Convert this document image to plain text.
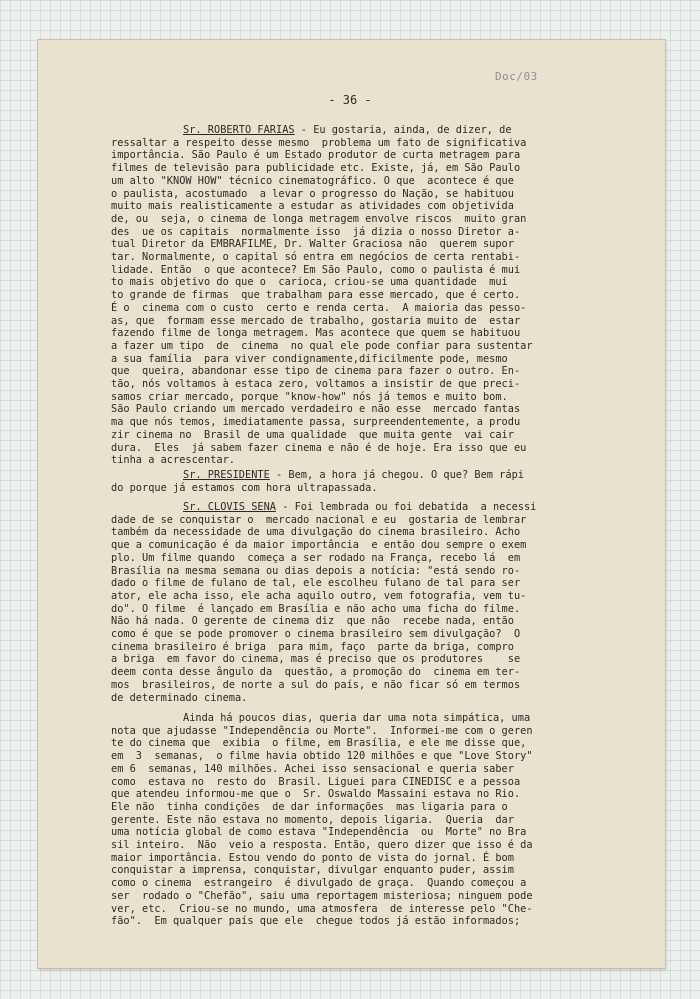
Doc/03
- 36 -
Sr. ROBERTO FARIAS - Eu gostaria, ainda, de dizer, de
ressaltar a respeito desse mesmo  problema um fato de significativa
importância. São Paulo é um Estado produtor de curta metragem para
filmes de televisão para publicidade etc. Existe, já, em São Paulo
um alto "KNOW HOW" técnico cinematográfico. O que  acontece é que
o paulista, acostumado  a levar o progresso do Nação, se habituou
muito mais realisticamente a estudar as atividades com objetivida
de, ou  seja, o cinema de longa metragem envolve riscos  muito gran
des  ue os capitais  normalmente isso  já dizia o nosso Diretor a-
tual Diretor da EMBRAFILME, Dr. Walter Graciosa não  querem supor
tar. Normalmente, o capital só entra em negócios de certa rentabi-
lidade. Então  o que acontece? Em São Paulo, como o paulista é mui
to mais objetivo do que o  carioca, criou-se uma quantidade  mui
to grande de firmas  que trabalham para esse mercado, que é certo.
É o  cinema com o custo  certo e renda certa.  A maioria das pesso-
as, que  formam esse mercado de trabalho, gostaria muito de  estar
fazendo filme de longa metragem. Mas acontece que quem se habituou
a fazer um tipo  de  cinema  no qual ele pode confiar para sustentar
a sua família  para viver condignamente,dificilmente pode, mesmo
que  queira, abandonar esse tipo de cinema para fazer o outro. En-
tão, nós voltamos à estaca zero, voltamos a insistir de que preci-
samos criar mercado, porque "know-how" nós já temos e muito bom.
São Paulo criando um mercado verdadeiro e não esse  mercado fantas
ma que nós temos, imediatamente passa, surpreendentemente, a produ
zir cinema no  Brasil de uma qualidade  que muita gente  vai cair
dura.  Eles  já sabem fazer cinema e não é de hoje. Era isso que eu
tinha a acrescentar.
Sr. PRESIDENTE - Bem, a hora já chegou. O que? Bem rápi
do porque já estamos com hora ultrapassada.
Sr. CLOVIS SENA - Foi lembrada ou foi debatida  a necessi
dade de se conquistar o  mercado nacional e eu  gostaria de lembrar
também da necessidade de uma divulgação do cinema brasileiro. Acho
que a comunicação é da maior importância  e então dou sempre o exem
plo. Um filme quando  começa a ser rodado na França, recebo lá  em
Brasília na mesma semana ou dias depois a notícia: "está sendo ro-
dado o filme de fulano de tal, ele escolheu fulano de tal para ser
ator, ele acha isso, ele acha aquilo outro, vem fotografia, vem tu-
do". O filme  é lançado em Brasília e não acho uma ficha do filme.
Não há nada. O gerente de cinema diz  que não  recebe nada, então
como é que se pode promover o cinema brasileiro sem divulgação?  O
cinema brasileiro é briga  para mim, faço  parte da briga, compro
a briga  em favor do cinema, mas é preciso que os produtores    se
deem conta desse ângulo da  questão, a promoção do  cinema em ter-
mos  brasileiros, de norte a sul do país, e não ficar só em termos
de determinado cinema.
Ainda há poucos dias, queria dar uma nota simpática, uma
nota que ajudasse "Independência ou Morte".  Informei-me com o geren
te do cinema que  exibia  o filme, em Brasília, e ele me disse que,
em  3  semanas,  o filme havia obtido 120 milhões e que "Love Story"
em 6  semanas, 140 milhões. Achei isso sensacional e queria saber
como  estava no  resto do  Brasil. Liguei para CINEDISC e a pessoa
que atendeu informou-me que o  Sr. Oswaldo Massaini estava no Rio.
Ele não  tinha condições  de dar informações  mas ligaria para o
gerente. Este não estava no momento, depois ligaria.  Queria  dar
uma notícia global de como estava "Independência  ou  Morte" no Bra
sil inteiro.  Não  veio a resposta. Então, quero dizer que isso é da
maior importância. Estou vendo do ponto de vista do jornal. É bom
conquistar a imprensa, conquistar, divulgar enquanto puder, assim
como o cinema  estrangeiro  é divulgado de graça.  Quando começou a
ser  rodado o "Chefão", saiu uma reportagem misteriosa; ninguem pode
ver, etc.  Criou-se no mundo, uma atmosfera  de interesse pelo "Che-
fão".  Em qualquer país que ele  chegue todos já estão informados;
